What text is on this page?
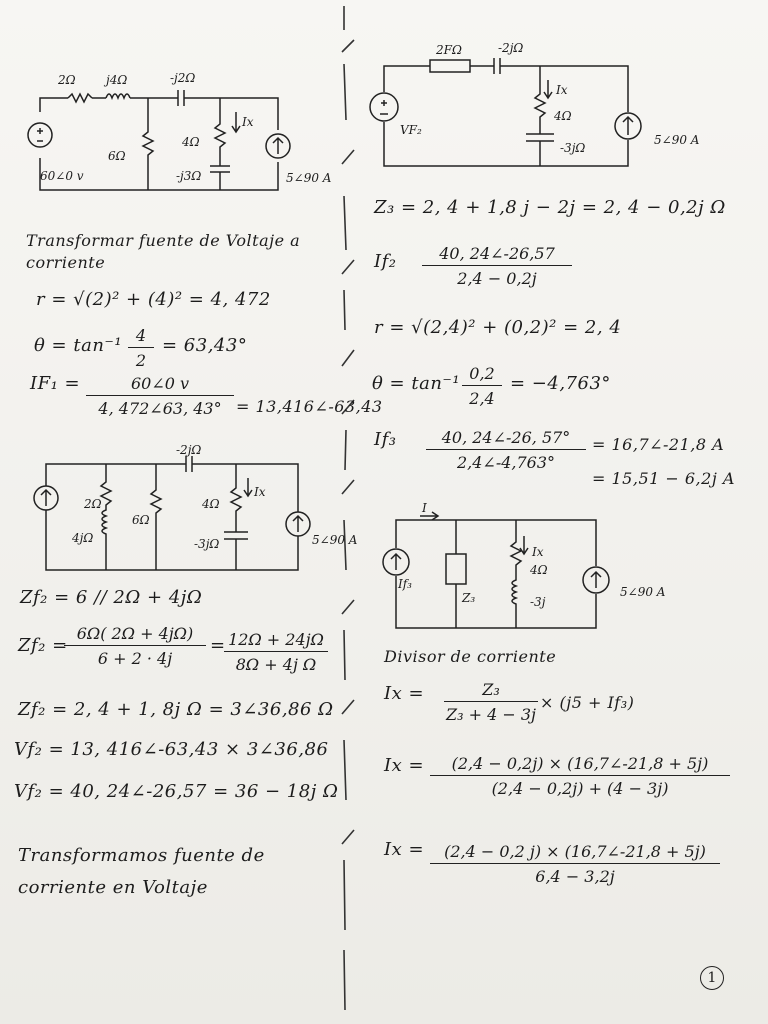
2Ω	j4Ω	-j2Ω
6Ω
4Ω
-j3Ω
Ix
60∠0 v	5∠90 A
Transformar fuente de Voltaje a
corriente
r = √(2)² + (4)² = 4, 472
$\theta = \tan^{-1} \frac{4}{2} = 63,43^\circ$
$IF_1 = \frac{60\angle 0 v}{4, 472\angle 63, 43^\circ}$ = 13,416∠-63,43
-2jΩ
2Ω
4jΩ
6Ω
4Ω
-3jΩ
Ix
5∠90 A
Zf₂ = 6 // 2Ω + 4jΩ
Zf₂ =
$\frac{6\Omega( 2\Omega + 4j\Omega)}{6 + 2 \cdot 4j}$ =
$\frac{12\Omega + 24j\Omega}{\text{8Ω + 4j Ω}}$
Zf₂ = 2, 4 + 1, 8j Ω = 3∠36,86 Ω
Vf₂ = 13, 416∠-63,43 × 3∠36,86
Vf₂ = 40, 24∠-26,57 = 36 − 18j Ω
Transformamos fuente de
corriente en Voltaje
2FΩ	-2jΩ
Ix
4Ω
-3jΩ
VF₂
5∠90 A
Z₃ = 2, 4 + 1,8 j − 2j = 2, 4 − 0,2j Ω
$If_2 \frac{40, 24\angle-26,57}{2,4 - 0,2j}$
r = √(2,4)² + (0,2)² = 2, 4
$\theta = \tan^{-1} \frac{0,2}{2,4} = -4,763^\circ$
$If_3 \frac{40, 24\angle-26, 57^\circ}{2,4\angle-4,763^\circ}$ = 16,7∠-21,8 A
= 15,51 − 6,2j A
I
If₃
Z₃
Ix
4Ω
-3j
5∠90 A
Divisor de corriente
$Ix = \frac{\text{Z₃}}{\text{Z₃ + 4 − 3j}} \times (j5 + If_3)$
$Ix = \frac{(2,4 - 0,2j) \times (16,7\angle-21,8 + 5j)}{(2,4 - 0,2j) + (4 - 3j)}$
$Ix = \frac{(2,4 - 0,2 j) \times (16,7\angle-21,8 + 5j)}{6,4 - 3,2j}$
1
